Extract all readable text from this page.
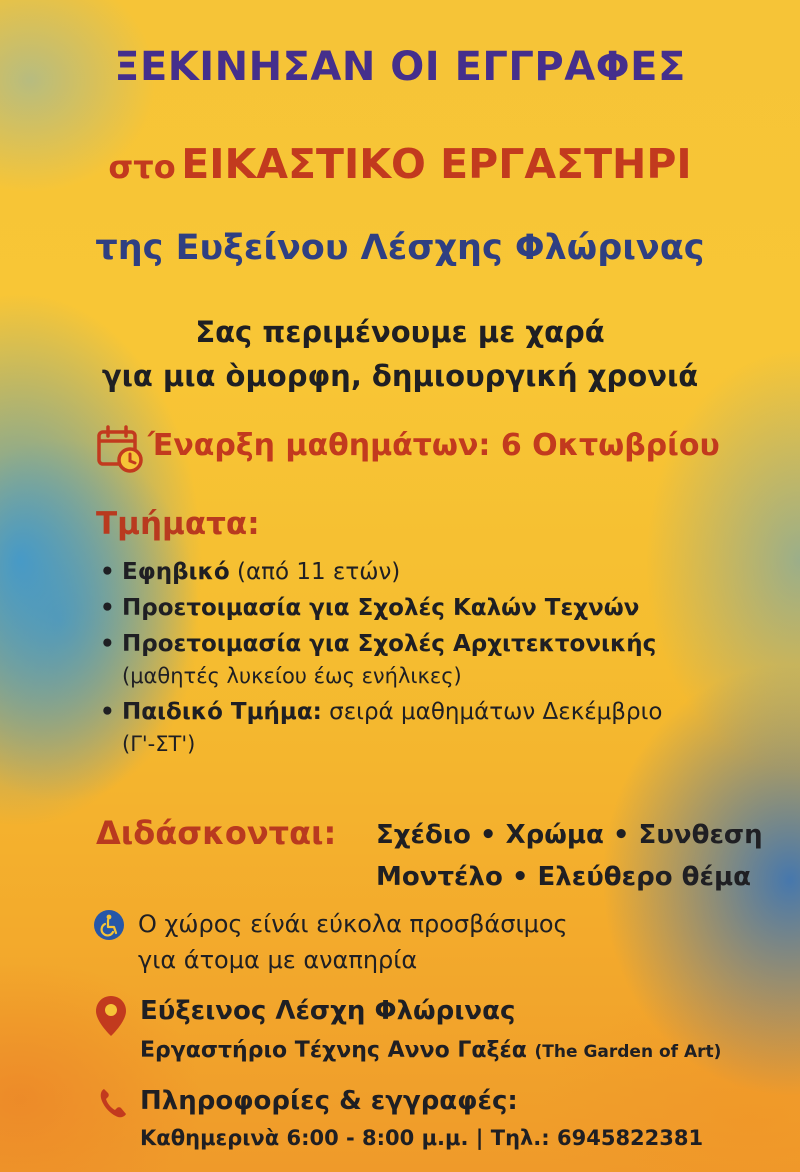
ΞΕΚΙΝΗΣΑΝ ΟΙ ΕΓΓΡΑΦΕΣ
στο ΕΙΚΑΣΤΙΚΟ ΕΡΓΑΣΤΗΡΙ
της Ευξείνου Λέσχης Φλώρινας
Σας περιμένουμε με χαρά
για μια òμορφη, δημιουργική χρονιά
Έναρξη μαθημάτων: 6 Οκτωβρίου
Τμήματα:
• Εφηβικό (από 11 ετών)
• Προετοιμασία για Σχολές Καλών Τεχνών
• Προετοιμασία για Σχολές Αρχιτεκτονικής
(μαθητές λυκείου έως ενήλικες)
• Παιδικό Τμήμα: σειρά μαθημάτων Δεκέμβριο
(Γ'-ΣΤ')
Διδάσκονται: Σχέδιο • Χρώμα • Συνθεση
Μοντέλο • Ελεύθερο θέμα
Ο χώρος είνάι εύκολα προσβάσιμος
για άτομα με αναπηρία
Εύξεινος Λέσχη Φλώρινας
Εργαστήριο Τέχνης Αννο Γαξέα (The Garden of Art)
Πληροφορίες & εγγραφές:
Καθημερινὰ 6:00 - 8:00 μ.μ. | Τηλ.: 6945822381
